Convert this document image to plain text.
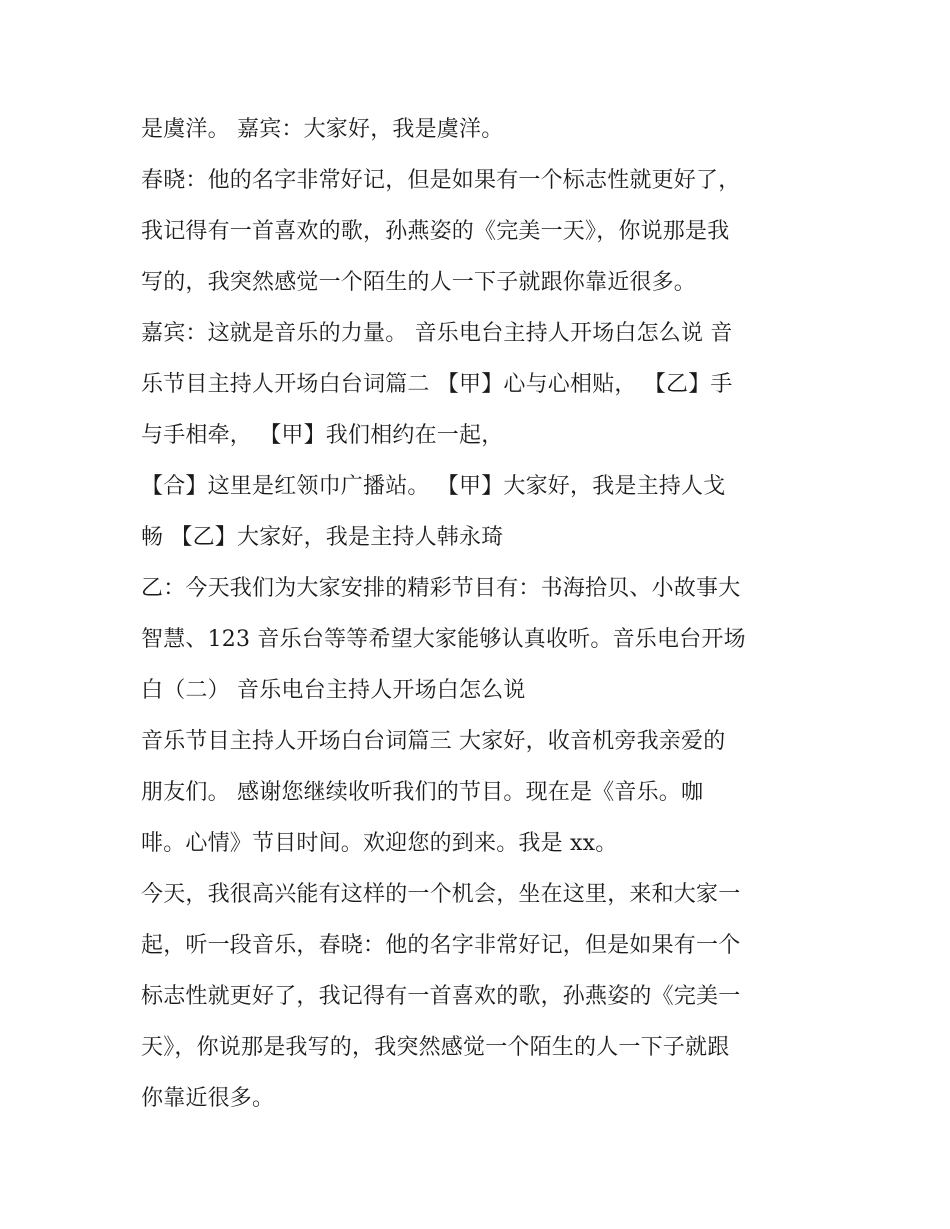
是虞洋。 嘉宾：大家好，我是虞洋。
春晓：他的名字非常好记，但是如果有一个标志性就更好了，
我记得有一首喜欢的歌，孙燕姿的《完美一天》，你说那是我
写的，我突然感觉一个陌生的人一下子就跟你靠近很多。
嘉宾：这就是音乐的力量。 音乐电台主持人开场白怎么说 音
乐节目主持人开场白台词篇二 【甲】心与心相贴， 【乙】手
与手相牵， 【甲】我们相约在一起，
【合】这里是红领巾广播站。 【甲】大家好，我是主持人戈
畅 【乙】大家好，我是主持人韩永琦
乙：今天我们为大家安排的精彩节目有：书海拾贝、小故事大
智慧、123 音乐台等等希望大家能够认真收听。音乐电台开场
白（二） 音乐电台主持人开场白怎么说
音乐节目主持人开场白台词篇三 大家好，收音机旁我亲爱的
朋友们。 感谢您继续收听我们的节目。现在是《音乐。咖
啡。心情》节目时间。欢迎您的到来。我是 xx。
今天，我很高兴能有这样的一个机会，坐在这里，来和大家一
起，听一段音乐，春晓：他的名字非常好记，但是如果有一个
标志性就更好了，我记得有一首喜欢的歌，孙燕姿的《完美一
天》，你说那是我写的，我突然感觉一个陌生的人一下子就跟
你靠近很多。
